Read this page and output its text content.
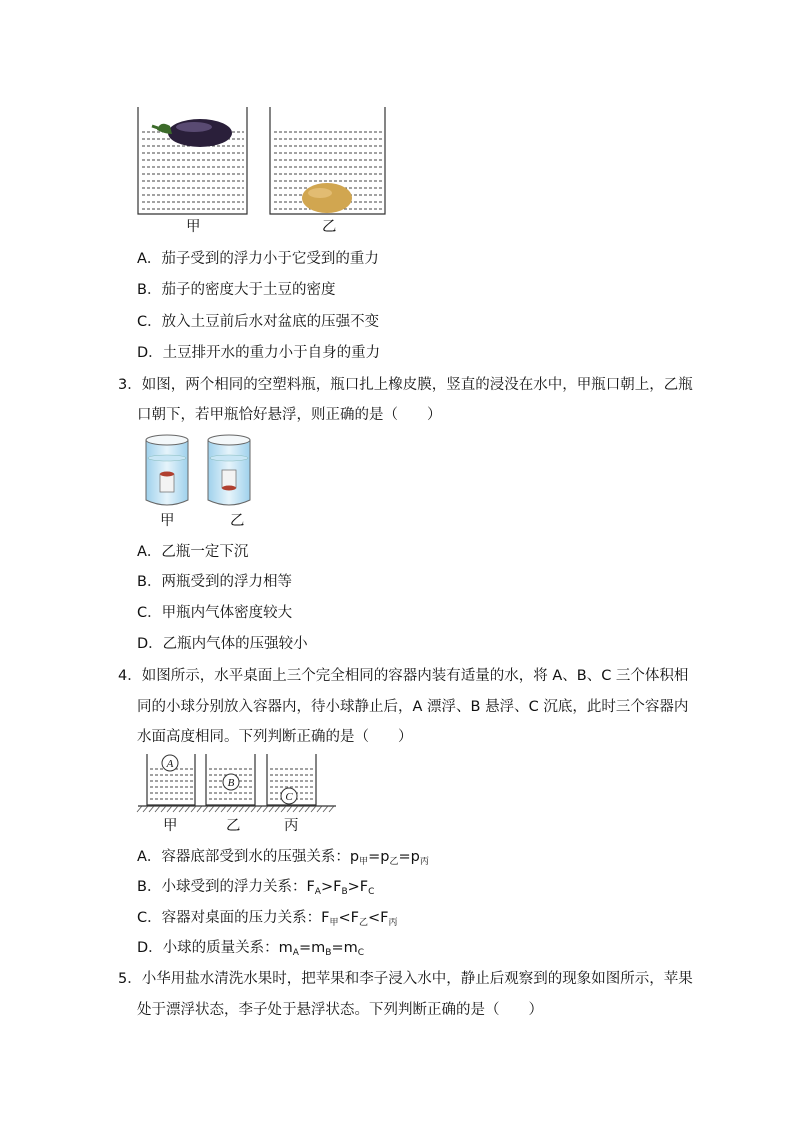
甲	乙
A．茄子受到的浮力小于它受到的重力
B．茄子的密度大于土豆的密度
C．放入土豆前后水对盆底的压强不变
D．土豆排开水的重力小于自身的重力
3．如图，两个相同的空塑料瓶，瓶口扎上橡皮膜，竖直的浸没在水中，甲瓶口朝上，乙瓶
口朝下，若甲瓶恰好悬浮，则正确的是（　　）
甲	乙
A．乙瓶一定下沉
B．两瓶受到的浮力相等
C．甲瓶内气体密度较大
D．乙瓶内气体的压强较小
4．如图所示，水平桌面上三个完全相同的容器内装有适量的水，将 A、B、C 三个体积相
同的小球分别放入容器内，待小球静止后，A 漂浮、B 悬浮、C 沉底，此时三个容器内
水面高度相同。下列判断正确的是（　　）
A
B
C
甲	乙	丙
A．容器底部受到水的压强关系：$p_甲=p_乙=p_丙$
B．小球受到的浮力关系：$F_A>F_B>F_C$
C．容器对桌面的压力关系：$F_甲<F_乙<F_丙$
D．小球的质量关系：$m_A=m_B=m_C$
5．小华用盐水清洗水果时，把苹果和李子浸入水中，静止后观察到的现象如图所示，苹果
处于漂浮状态，李子处于悬浮状态。下列判断正确的是（　　）
